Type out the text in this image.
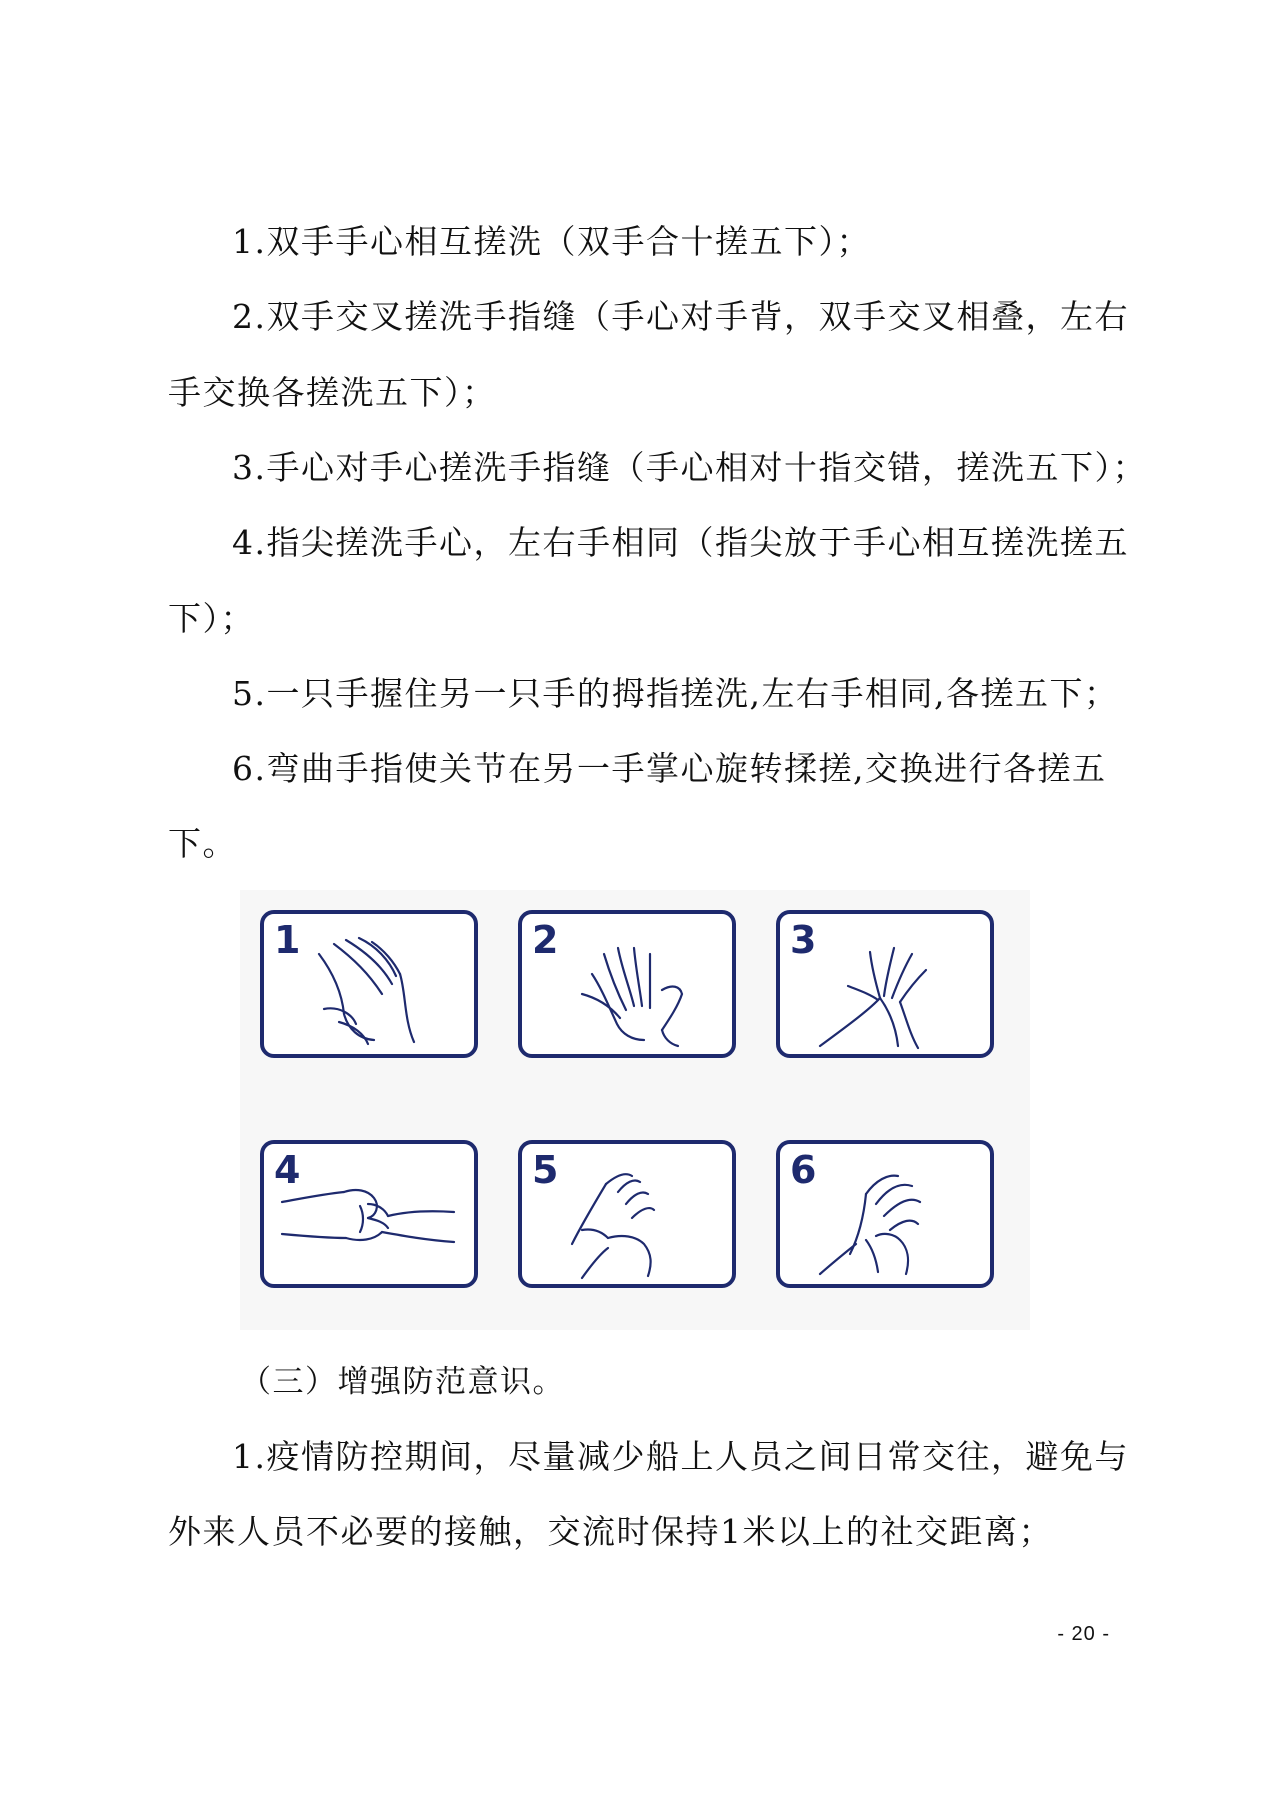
1.双手手心相互搓洗（双手合十搓五下）；
2.双手交叉搓洗手指缝（手心对手背，双手交叉相叠，左右
手交换各搓洗五下）；
3.手心对手心搓洗手指缝（手心相对十指交错，搓洗五下）；
4.指尖搓洗手心，左右手相同（指尖放于手心相互搓洗搓五
下）；
5.一只手握住另一只手的拇指搓洗,左右手相同,各搓五下；
6.弯曲手指使关节在另一手掌心旋转揉搓,交换进行各搓五
下。
1	2	3
4	5	6
（三）增强防范意识。
1.疫情防控期间，尽量减少船上人员之间日常交往，避免与
外来人员不必要的接触，交流时保持1米以上的社交距离；
- 20 -
